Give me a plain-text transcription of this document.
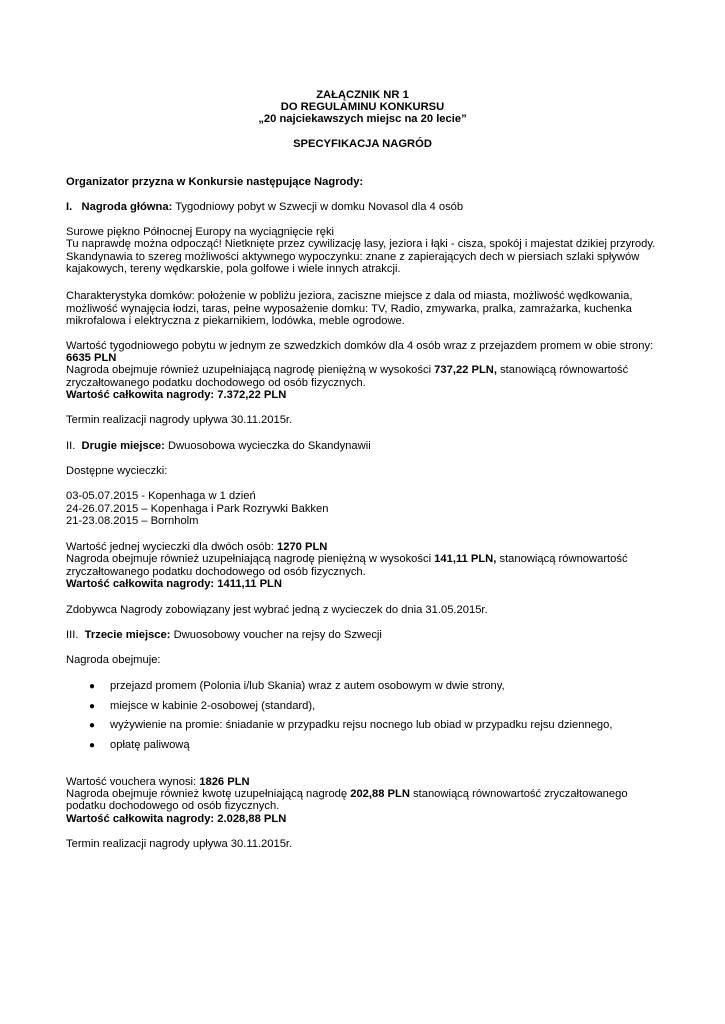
ZAŁĄCZNIK NR 1
DO REGULAMINU KONKURSU
„20 najciekawszych miejsc na 20 lecie”
SPECYFIKACJA NAGRÓD
Organizator przyzna w Konkursie następujące Nagrody:
I. Nagroda główna: Tygodniowy pobyt w Szwecji w domku Novasol dla 4 osób
Surowe piękno Północnej Europy na wyciągnięcie ręki
Tu naprawdę można odpocząć! Nietknięte przez cywilizację lasy, jeziora i łąki - cisza, spokój i majestat dzikiej przyrody.
Skandynawia to szereg możliwości aktywnego wypoczynku: znane z zapierających dech w piersiach szlaki spływów
kajakowych, tereny wędkarskie, pola golfowe i wiele innych atrakcji.
Charakterystyka domków: położenie w pobliżu jeziora, zaciszne miejsce z dala od miasta, możliwość wędkowania,
możliwość wynajęcia łodzi, taras, pełne wyposażenie domku: TV, Radio, zmywarka, pralka, zamrażarka, kuchenka
mikrofalowa i elektryczna z piekarnikiem, lodówka, meble ogrodowe.
Wartość tygodniowego pobytu w jednym ze szwedzkich domków dla 4 osób wraz z przejazdem promem w obie strony:
6635 PLN
Nagroda obejmuje również uzupełniającą nagrodę pieniężną w wysokości 737,22 PLN, stanowiącą równowartość
zryczałtowanego podatku dochodowego od osób fizycznych.
Wartość całkowita nagrody: 7.372,22 PLN
Termin realizacji nagrody upływa 30.11.2015r.
II. Drugie miejsce: Dwuosobowa wycieczka do Skandynawii
Dostępne wycieczki:
03-05.07.2015 - Kopenhaga w 1 dzień
24-26.07.2015 – Kopenhaga i Park Rozrywki Bakken
21-23.08.2015 – Bornholm
Wartość jednej wycieczki dla dwóch osób: 1270 PLN
Nagroda obejmuje również uzupełniającą nagrodę pieniężną w wysokości 141,11 PLN, stanowiącą równowartość
zryczałtowanego podatku dochodowego od osób fizycznych.
Wartość całkowita nagrody: 1411,11 PLN
Zdobywca Nagrody zobowiązany jest wybrać jedną z wycieczek do dnia 31.05.2015r.
III. Trzecie miejsce: Dwuosobowy voucher na rejsy do Szwecji
Nagroda obejmuje:
● przejazd promem (Polonia i/lub Skania) wraz z autem osobowym w dwie strony,
● miejsce w kabinie 2-osobowej (standard),
● wyżywienie na promie: śniadanie w przypadku rejsu nocnego lub obiad w przypadku rejsu dziennego,
● opłatę paliwową
Wartość vouchera wynosi: 1826 PLN
Nagroda obejmuje również kwotę uzupełniającą nagrodę 202,88 PLN stanowiącą równowartość zryczałtowanego
podatku dochodowego od osób fizycznych.
Wartość całkowita nagrody: 2.028,88 PLN
Termin realizacji nagrody upływa 30.11.2015r.
